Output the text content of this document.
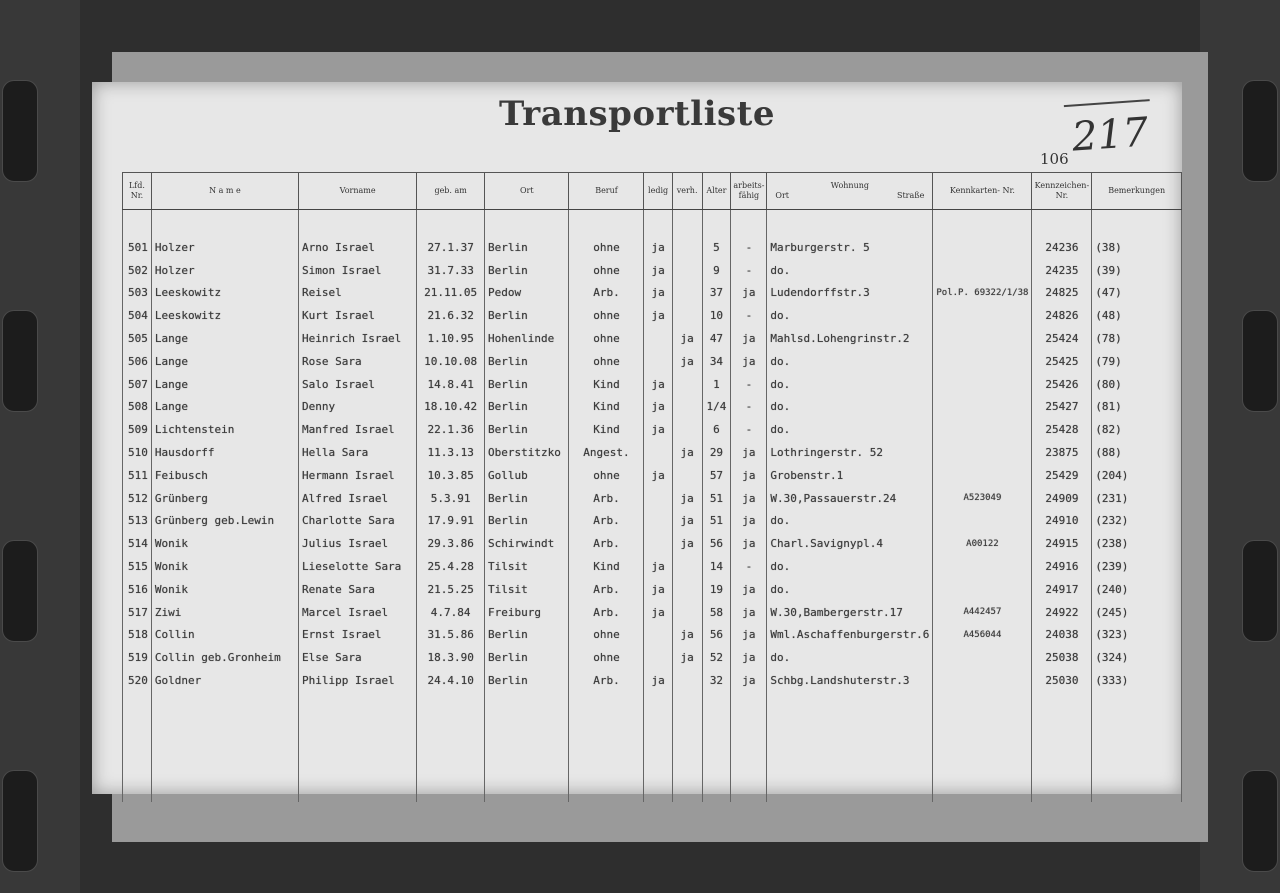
Transportliste	217
106
Lfd. Nr.	N a m e	Vorname	geb. am	Ort	Beruf	ledig	verh.	Alter	arbeits- fähig	Wohnung
Ort Straße	Kennkarten- Nr.	Kennzeichen- Nr.	Bemerkungen

501	Holzer	Arno Israel	27.1.37	Berlin	ohne	ja		5	-	Marburgerstr. 5		24236	(38)
502	Holzer	Simon Israel	31.7.33	Berlin	ohne	ja		9	-	do.		24235	(39)
503	Leeskowitz	Reisel	21.11.05	Pedow	Arb.	ja		37	ja	Ludendorffstr.3	Pol.P. 69322/1/38	24825	(47)
504	Leeskowitz	Kurt Israel	21.6.32	Berlin	ohne	ja		10	-	do.		24826	(48)
505	Lange	Heinrich Israel	1.10.95	Hohenlinde	ohne		ja	47	ja	Mahlsd.Lohengrinstr.2		25424	(78)
506	Lange	Rose Sara	10.10.08	Berlin	ohne		ja	34	ja	do.		25425	(79)
507	Lange	Salo Israel	14.8.41	Berlin	Kind	ja		1	-	do.		25426	(80)
508	Lange	Denny	18.10.42	Berlin	Kind	ja		1/4	-	do.		25427	(81)
509	Lichtenstein	Manfred Israel	22.1.36	Berlin	Kind	ja		6	-	do.		25428	(82)
510	Hausdorff	Hella Sara	11.3.13	Oberstitzko	Angest.		ja	29	ja	Lothringerstr. 52		23875	(88)
511	Feibusch	Hermann Israel	10.3.85	Gollub	ohne	ja		57	ja	Grobenstr.1		25429	(204)
512	Grünberg	Alfred Israel	5.3.91	Berlin	Arb.		ja	51	ja	W.30,Passauerstr.24	A523049	24909	(231)
513	Grünberg geb.Lewin	Charlotte Sara	17.9.91	Berlin	Arb.		ja	51	ja	do.		24910	(232)
514	Wonik	Julius Israel	29.3.86	Schirwindt	Arb.		ja	56	ja	Charl.Savignypl.4	A00122	24915	(238)
515	Wonik	Lieselotte Sara	25.4.28	Tilsit	Kind	ja		14	-	do.		24916	(239)
516	Wonik	Renate Sara	21.5.25	Tilsit	Arb.	ja		19	ja	do.		24917	(240)
517	Ziwi	Marcel Israel	4.7.84	Freiburg	Arb.	ja		58	ja	W.30,Bambergerstr.17	A442457	24922	(245)
518	Collin	Ernst Israel	31.5.86	Berlin	ohne		ja	56	ja	Wml.Aschaffenburgerstr.6	A456044	24038	(323)
519	Collin geb.Gronheim	Else Sara	18.3.90	Berlin	ohne		ja	52	ja	do.		25038	(324)
520	Goldner	Philipp Israel	24.4.10	Berlin	Arb.	ja		32	ja	Schbg.Landshuterstr.3		25030	(333)
